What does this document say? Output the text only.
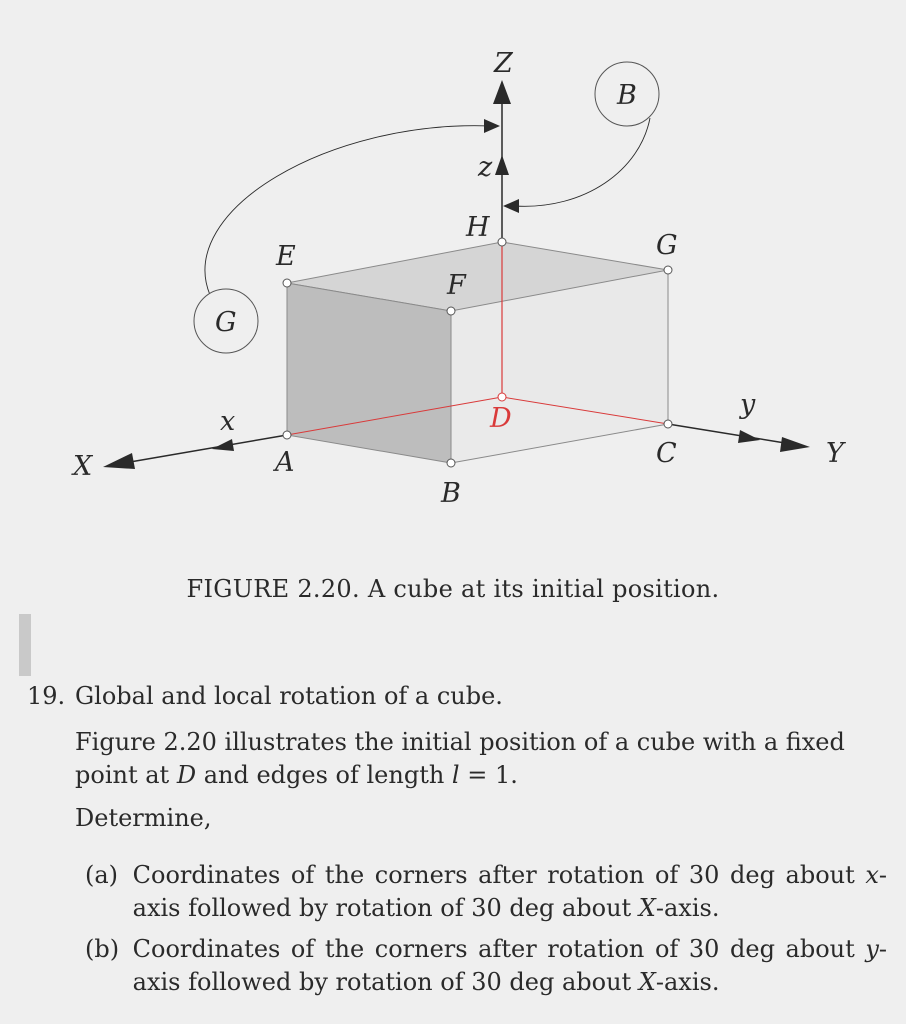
Z
z
H
E
F
G
D
x
y
X	Y
A
B
C
B
G
FIGURE 2.20. A cube at its initial position.
19. Global and local rotation of a cube.

Figure 2.20 illustrates the initial position of a cube with a fixed point at D and edges of length l = 1.

Determine,

(a) Coordinates of the corners after rotation of 30 deg about x-axis followed by rotation of 30 deg about X-axis.
(b) Coordinates of the corners after rotation of 30 deg about y-axis followed by rotation of 30 deg about X-axis.
